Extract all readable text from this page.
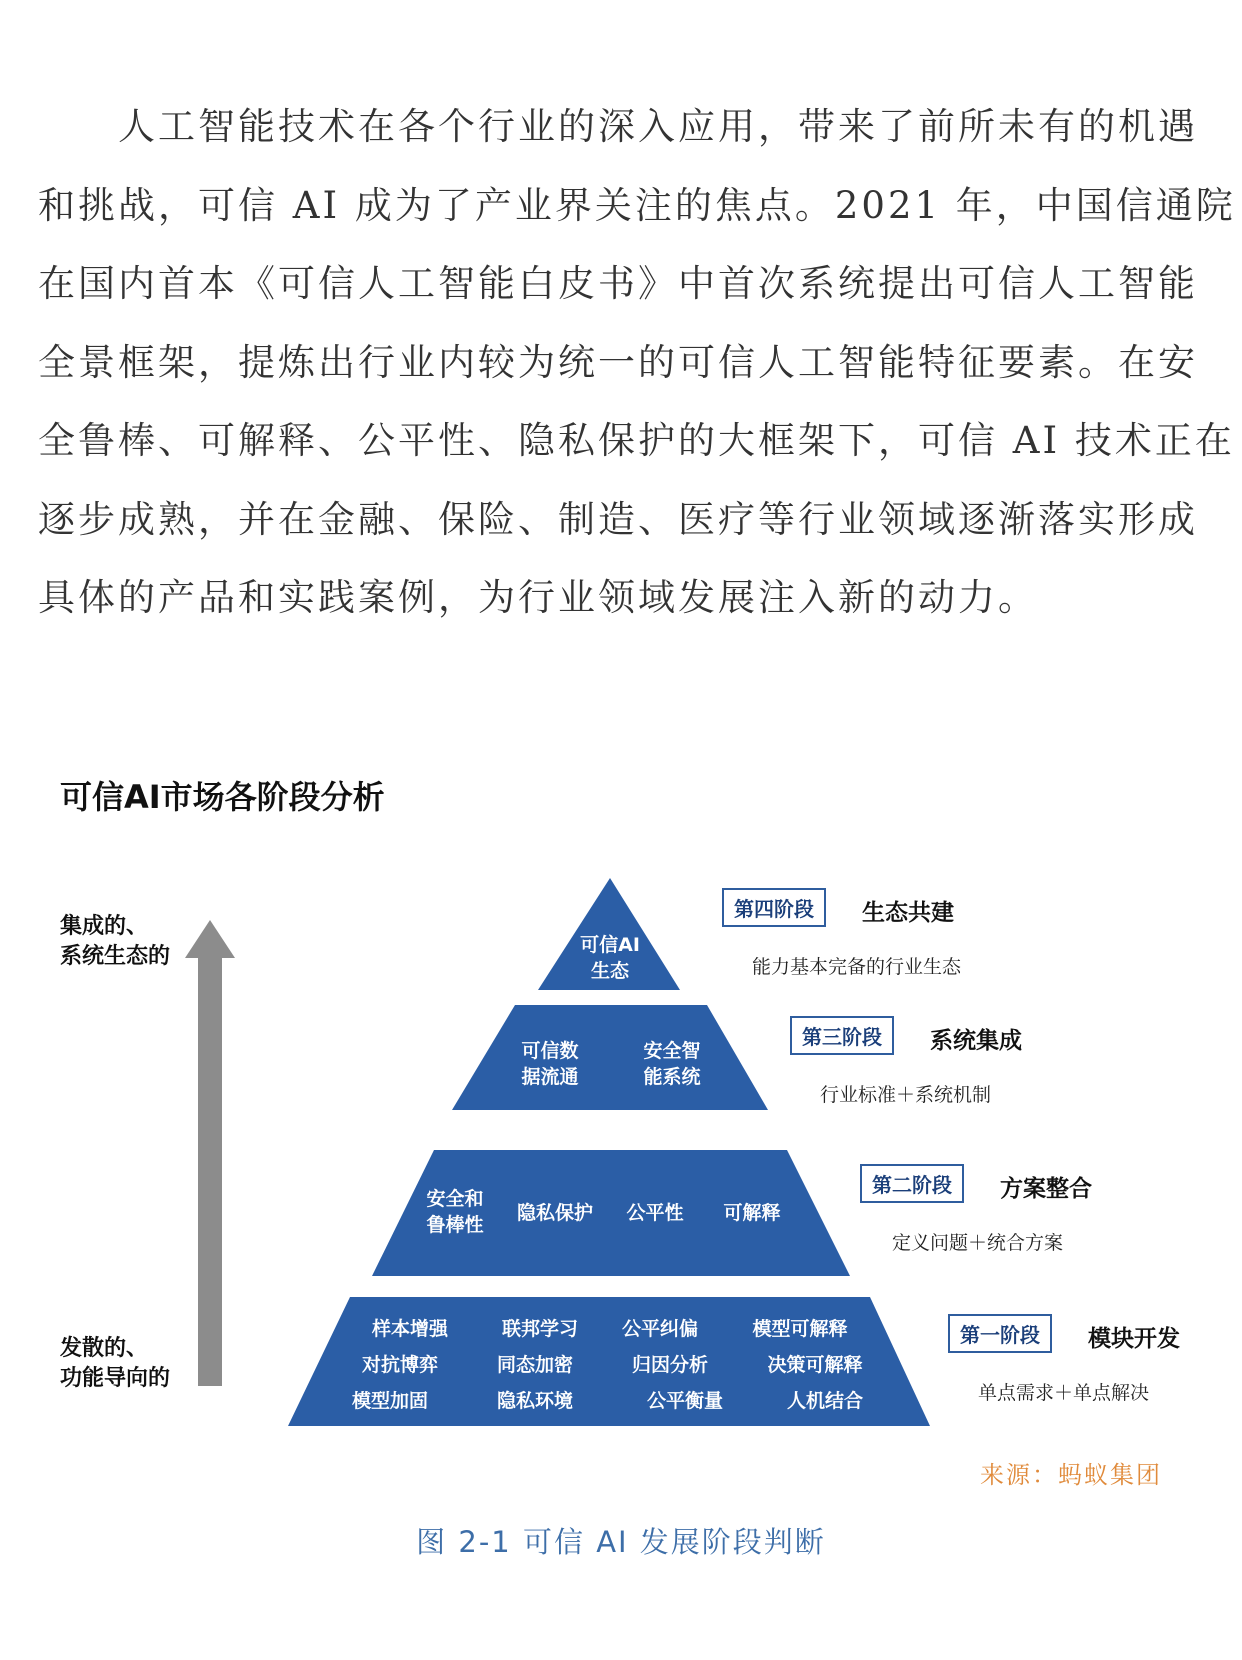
　　人工智能技术在各个行业的深入应用，带来了前所未有的机遇
和挑战，可信 AI 成为了产业界关注的焦点。2021 年，中国信通院
在国内首本《可信人工智能白皮书》中首次系统提出可信人工智能
全景框架，提炼出行业内较为统一的可信人工智能特征要素。在安
全鲁棒、可解释、公平性、隐私保护的大框架下，可信 AI 技术正在
逐步成熟，并在金融、保险、制造、医疗等行业领域逐渐落实形成
具体的产品和实践案例，为行业领域发展注入新的动力。
可信AI市场各阶段分析
集成的、
系统生态的
发散的、
功能导向的
可信AI
生态
可信数
据流通
安全智
能系统
安全和
鲁棒性
隐私保护	公平性	可解释
样本增强	联邦学习	公平纠偏	模型可解释
对抗博弈	同态加密	归因分析	决策可解释
模型加固	隐私环境	公平衡量	人机结合
第四阶段	生态共建
能力基本完备的行业生态
第三阶段	系统集成
行业标准＋系统机制
第二阶段	方案整合
定义问题＋统合方案
第一阶段	模块开发
单点需求＋单点解决
来源：蚂蚁集团
图 2-1 可信 AI 发展阶段判断
